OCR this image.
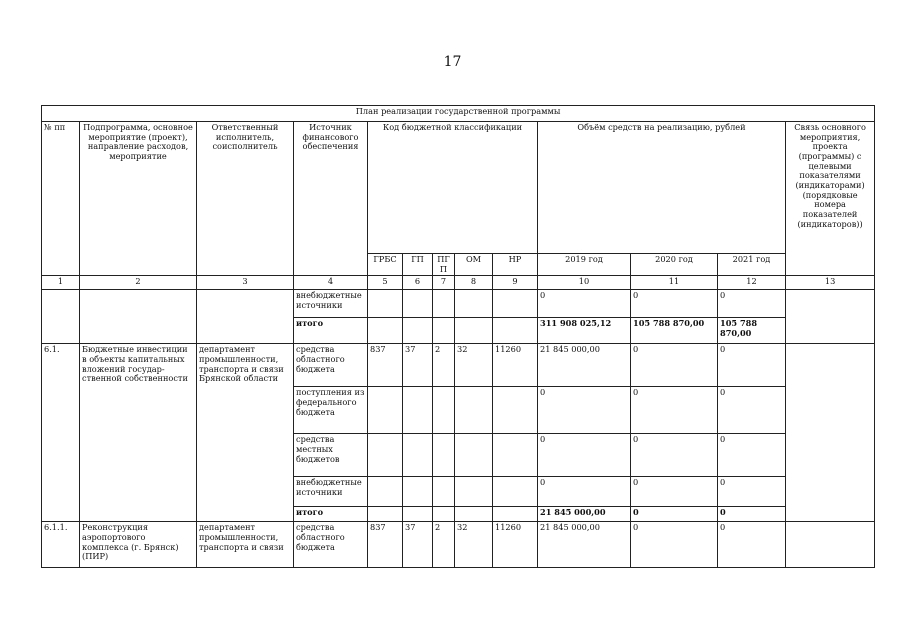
17
План реализации государственной программы												
№ пп	Подпрограмма, основное мероприятие (проект), направление расходов, мероприятие	Ответственный исполнитель, соисполнитель	Источник финансового обеспечения	Код бюджетной классификации					Объём средств на реализацию, рублей			Связь основного мероприятия, проекта (программы) с целевыми показателями (индикаторами) (порядковые номера показателей (индикаторов))
				ГРБС	ГП	ПГП	ОМ	НР	2019 год	2020 год	2021 год	
1	2	3	4	5	6	7	8	9	10	11	12	13
			внебюджетные источники						0	0	0	
			итого						311 908 025,12	105 788 870,00	105 788 870,00	
6.1.	Бюджетные инвестиции в объекты капитальных вложений государ-ственной собственности	департамент промышленности, транспорта и связи Брянской области	средства областного бюджета	837	37	2	32	11260	21 845 000,00	0	0	
			поступления из федерального бюджета						0	0	0	
			средства местных бюджетов						0	0	0	
			внебюджетные источники						0	0	0	
			итого						21 845 000,00	0	0	
6.1.1.	Реконструкция аэропортового комплекса (г. Брянск) (ПИР)	департамент промышленности, транспорта и связи	средства областного бюджета	837	37	2	32	11260	21 845 000,00	0	0	
